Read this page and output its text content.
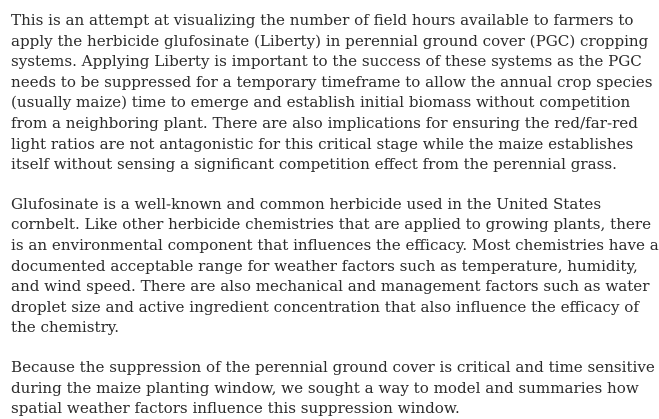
This is an attempt at visualizing the number of field hours available to farmers to
apply the herbicide glufosinate (Liberty) in perennial ground cover (PGC) cropping
systems. Applying Liberty is important to the success of these systems as the PGC
needs to be suppressed for a temporary timeframe to allow the annual crop species
(usually maize) time to emerge and establish initial biomass without competition
from a neighboring plant. There are also implications for ensuring the red/far-red
light ratios are not antagonistic for this critical stage while the maize establishes
itself without sensing a significant competition effect from the perennial grass.

Glufosinate is a well-known and common herbicide used in the United States
cornbelt. Like other herbicide chemistries that are applied to growing plants, there
is an environmental component that influences the efficacy. Most chemistries have a
documented acceptable range for weather factors such as temperature, humidity,
and wind speed. There are also mechanical and management factors such as water
droplet size and active ingredient concentration that also influence the efficacy of
the chemistry.

Because the suppression of the perennial ground cover is critical and time sensitive
during the maize planting window, we sought a way to model and summaries how
spatial weather factors influence this suppression window.
